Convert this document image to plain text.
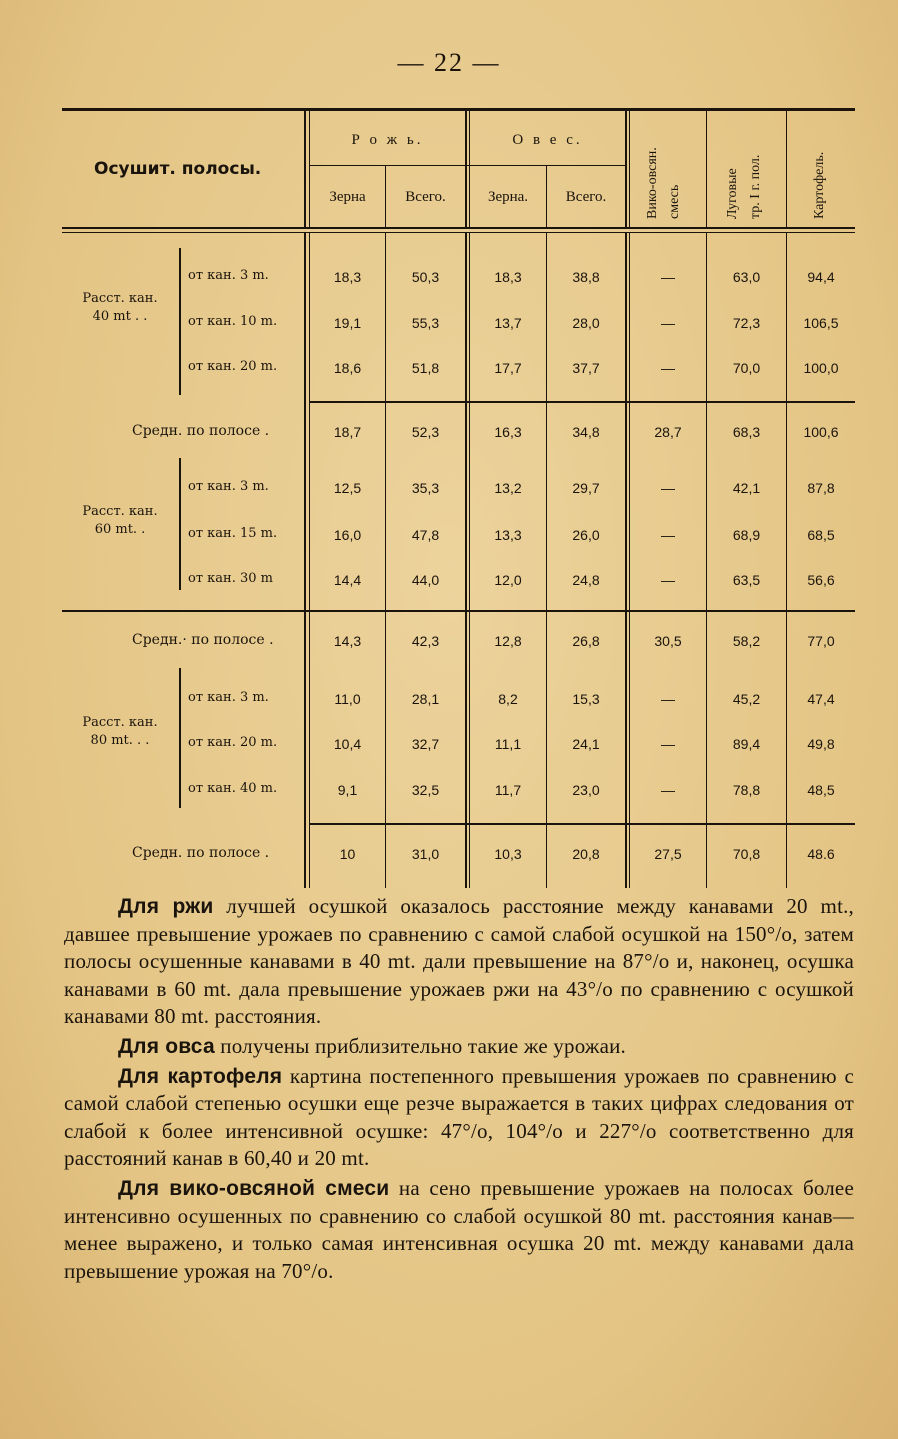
— 22 —
Осушит. полосы.
Р о ж ь.	О в е с.
Зерна	Всего.	Зерна.	Всего.	Вико-овсян. смесь	Луговые тр. I г. пол.	Картофель.
Расст. кан.
40 mt . .
от кан. 3 m.	18,3	50,3	18,3	38,8	—	63,0	94,4
от кан. 10 m.	19,1	55,3	13,7	28,0	—	72,3	106,5
от кан. 20 m.	18,6	51,8	17,7	37,7	—	70,0	100,0
Средн. по полосе .	18,7	52,3	16,3	34,8	28,7	68,3	100,6
Расст. кан.
60 mt. .
от кан. 3 m.	12,5	35,3	13,2	29,7	—	42,1	87,8
от кан. 15 m.	16,0	47,8	13,3	26,0	—	68,9	68,5
от кан. 30 m	14,4	44,0	12,0	24,8	—	63,5	56,6
Средн.· по полосе .	14,3	42,3	12,8	26,8	30,5	58,2	77,0
Расст. кан.
80 mt. . .
от кан. 3 m.	11,0	28,1	8,2	15,3	—	45,2	47,4
от кан. 20 m.	10,4	32,7	11,1	24,1	—	89,4	49,8
от кан. 40 m.	9,1	32,5	11,7	23,0	—	78,8	48,5
Средн. по полосе .	10	31,0	10,3	20,8	27,5	70,8	48.6

Для ржи лучшей осушкой оказалось расстояние между канавами 20 mt., давшее превышение урожаев по сравнению с самой слабой осушкой на 150°/о, затем полосы осушенные канавами в 40 mt. дали превышение на 87°/о и, наконец, осушка канавами в 60 mt. дала превышение урожаев ржи на 43°/о по сравнению с осушкой канавами 80 mt. расстояния.

Для овса получены приблизительно такие же урожаи.

Для картофеля картина постепенного превышения урожаев по сравнению с самой слабой степенью осушки еще резче выражается в таких цифрах следования от слабой к более интенсивной осушке: 47°/о, 104°/о и 227°/о соответственно для расстояний канав в 60,40 и 20 mt.

Для вико-овсяной смеси на сено превышение урожаев на полосах более интенсивно осушенных по сравнению со слабой осушкой 80 mt. расстояния канав—менее выражено, и только самая интенсивная осушка 20 mt. между канавами дала превышение урожая на 70°/о.
